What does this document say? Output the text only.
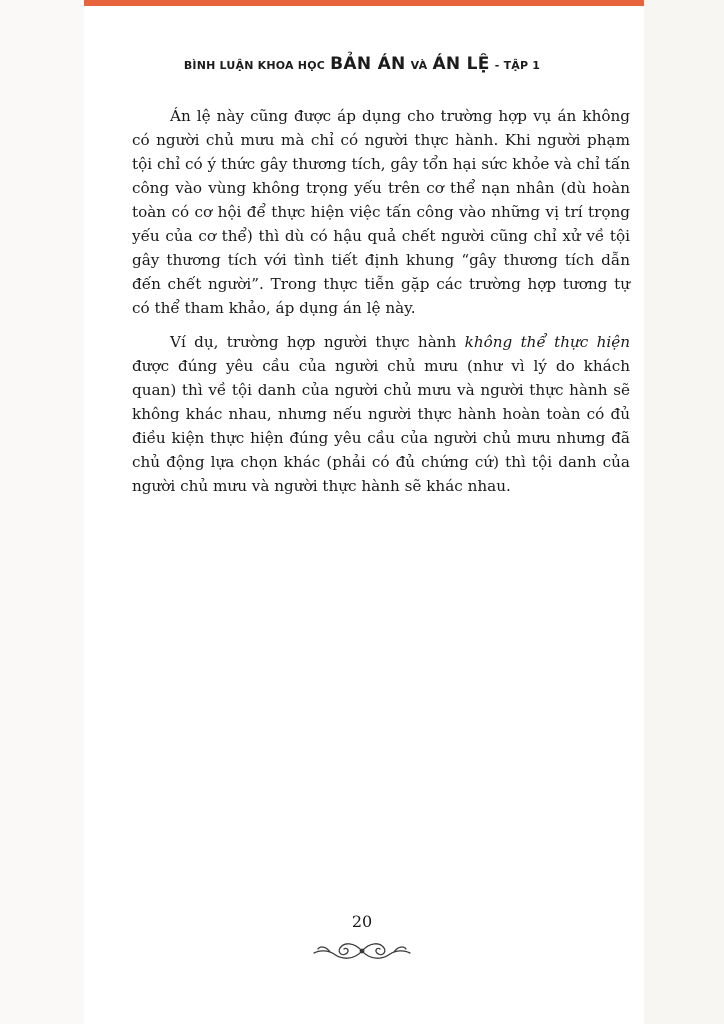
BÌNH LUẬN KHOA HỌC BẢN ÁN VÀ ÁN LỆ - TẬP 1

Án lệ này cũng được áp dụng cho trường hợp vụ án không có người chủ mưu mà chỉ có người thực hành. Khi người phạm tội chỉ có ý thức gây thương tích, gây tổn hại sức khỏe và chỉ tấn công vào vùng không trọng yếu trên cơ thể nạn nhân (dù hoàn toàn có cơ hội để thực hiện việc tấn công vào những vị trí trọng yếu của cơ thể) thì dù có hậu quả chết người cũng chỉ xử về tội gây thương tích với tình tiết định khung “gây thương tích dẫn đến chết người”. Trong thực tiễn gặp các trường hợp tương tự có thể tham khảo, áp dụng án lệ này.

Ví dụ, trường hợp người thực hành không thể thực hiện được đúng yêu cầu của người chủ mưu (như vì lý do khách quan) thì về tội danh của người chủ mưu và người thực hành sẽ không khác nhau, nhưng nếu người thực hành hoàn toàn có đủ điều kiện thực hiện đúng yêu cầu của người chủ mưu nhưng đã chủ động lựa chọn khác (phải có đủ chứng cứ) thì tội danh của người chủ mưu và người thực hành sẽ khác nhau.

20
